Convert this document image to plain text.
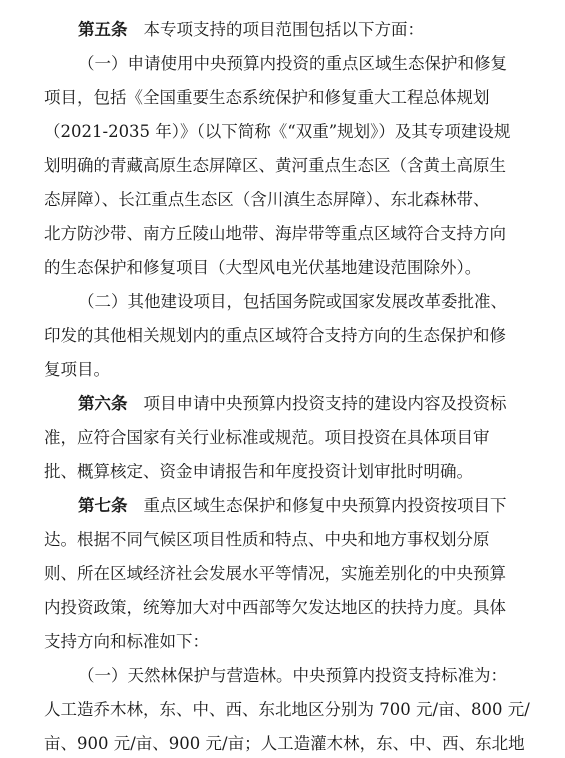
第五条 本专项支持的项目范围包括以下方面：
（一）申请使用中央预算内投资的重点区域生态保护和修复
项目，包括《全国重要生态系统保护和修复重大工程总体规划
（2021-2035 年）》（以下简称《“双重”规划》）及其专项建设规
划明确的青藏高原生态屏障区、黄河重点生态区（含黄土高原生
态屏障）、长江重点生态区（含川滇生态屏障）、东北森林带、
北方防沙带、南方丘陵山地带、海岸带等重点区域符合支持方向
的生态保护和修复项目（大型风电光伏基地建设范围除外）。
（二）其他建设项目，包括国务院或国家发展改革委批准、
印发的其他相关规划内的重点区域符合支持方向的生态保护和修
复项目。
第六条 项目申请中央预算内投资支持的建设内容及投资标
准，应符合国家有关行业标准或规范。项目投资在具体项目审
批、概算核定、资金申请报告和年度投资计划审批时明确。
第七条 重点区域生态保护和修复中央预算内投资按项目下
达。根据不同气候区项目性质和特点、中央和地方事权划分原
则、所在区域经济社会发展水平等情况，实施差别化的中央预算
内投资政策，统筹加大对中西部等欠发达地区的扶持力度。具体
支持方向和标准如下：
（一）天然林保护与营造林。中央预算内投资支持标准为：
人工造乔木林，东、中、西、东北地区分别为 700 元/亩、800 元/
亩、900 元/亩、900 元/亩；人工造灌木林，东、中、西、东北地
